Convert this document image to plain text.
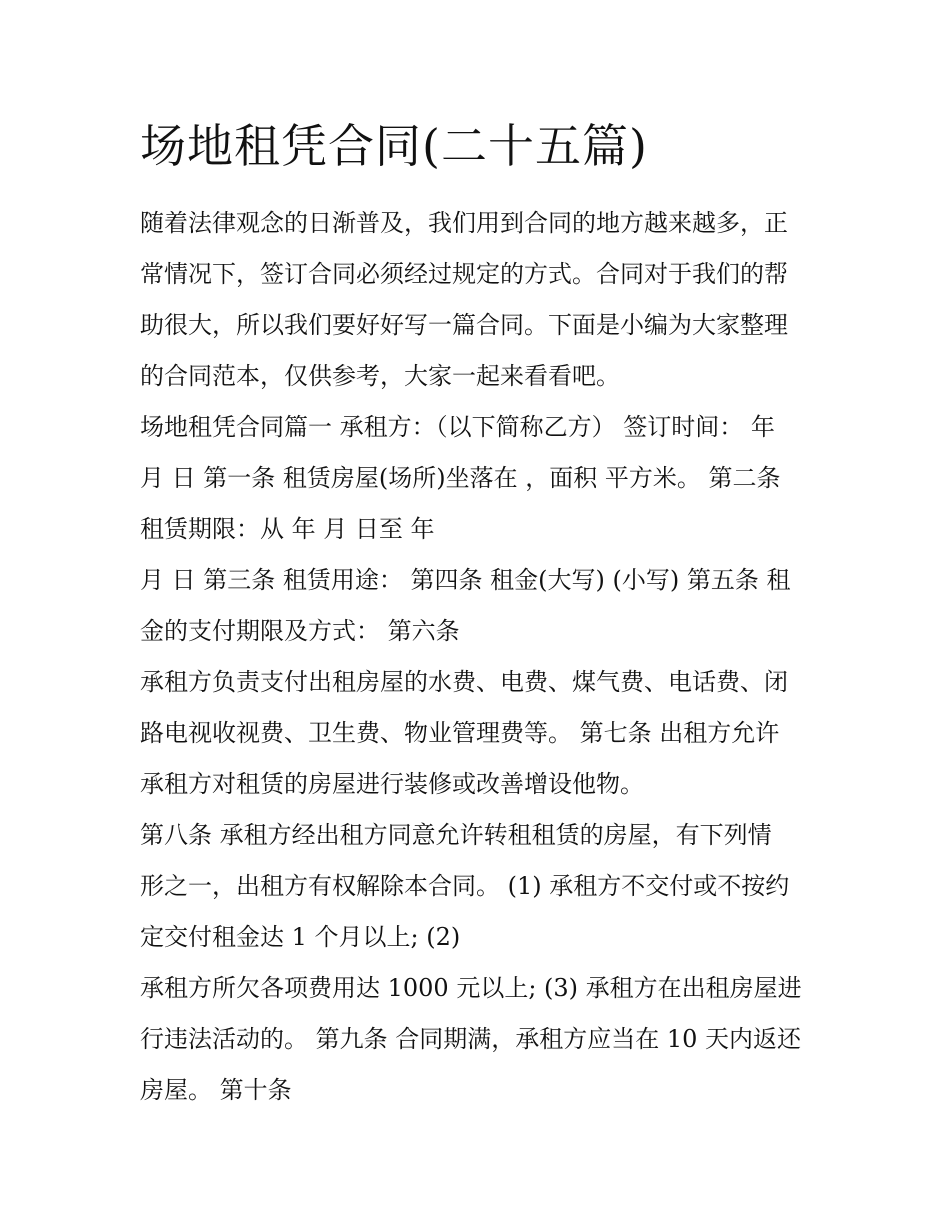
场地租凭合同(二十五篇)
随着法律观念的日渐普及，我们用到合同的地方越来越多，正
常情况下，签订合同必须经过规定的方式。合同对于我们的帮
助很大，所以我们要好好写一篇合同。下面是小编为大家整理
的合同范本，仅供参考，大家一起来看看吧。
场地租凭合同篇一 承租方：（以下简称乙方） 签订时间： 年
月 日 第一条 租赁房屋(场所)坐落在 ，面积 平方米。 第二条
租赁期限：从 年 月 日至 年
月 日 第三条 租赁用途： 第四条 租金(大写) (小写) 第五条 租
金的支付期限及方式： 第六条
承租方负责支付出租房屋的水费、电费、煤气费、电话费、闭
路电视收视费、卫生费、物业管理费等。 第七条 出租方允许
承租方对租赁的房屋进行装修或改善增设他物。
第八条 承租方经出租方同意允许转租租赁的房屋，有下列情
形之一，出租方有权解除本合同。 (1) 承租方不交付或不按约
定交付租金达 1 个月以上; (2)
承租方所欠各项费用达 1000 元以上; (3) 承租方在出租房屋进
行违法活动的。 第九条 合同期满，承租方应当在 10 天内返还
房屋。 第十条
